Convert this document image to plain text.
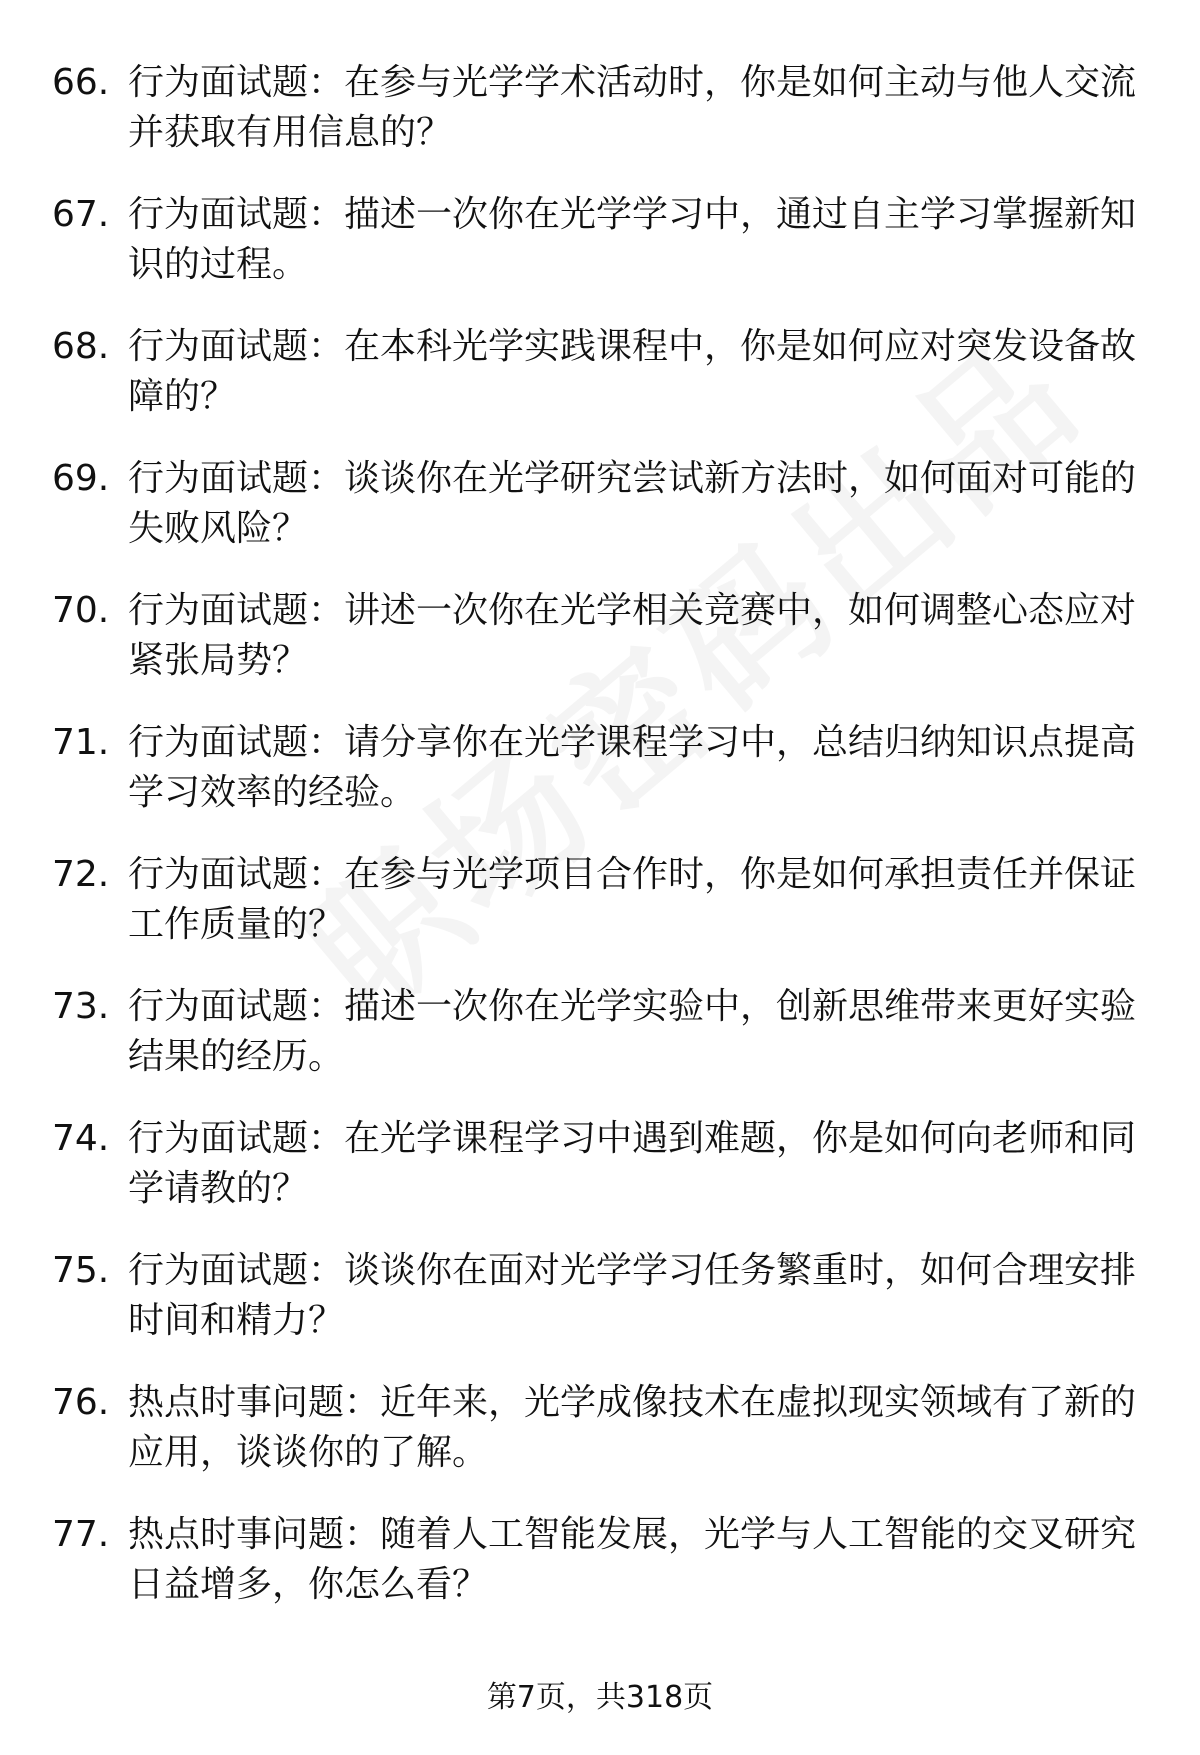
66. 行为面试题：在参与光学学术活动时，你是如何主动与他人交流并获取有用信息的？
67. 行为面试题：描述一次你在光学学习中，通过自主学习掌握新知识的过程。
68. 行为面试题：在本科光学实践课程中，你是如何应对突发设备故障的？
69. 行为面试题：谈谈你在光学研究尝试新方法时，如何面对可能的失败风险？
70. 行为面试题：讲述一次你在光学相关竞赛中，如何调整心态应对紧张局势？
71. 行为面试题：请分享你在光学课程学习中，总结归纳知识点提高学习效率的经验。
72. 行为面试题：在参与光学项目合作时，你是如何承担责任并保证工作质量的？
73. 行为面试题：描述一次你在光学实验中，创新思维带来更好实验结果的经历。
74. 行为面试题：在光学课程学习中遇到难题，你是如何向老师和同学请教的？
75. 行为面试题：谈谈你在面对光学学习任务繁重时，如何合理安排时间和精力？
76. 热点时事问题：近年来，光学成像技术在虚拟现实领域有了新的应用，谈谈你的了解。
77. 热点时事问题：随着人工智能发展，光学与人工智能的交叉研究日益增多，你怎么看？
第7页，共318页
